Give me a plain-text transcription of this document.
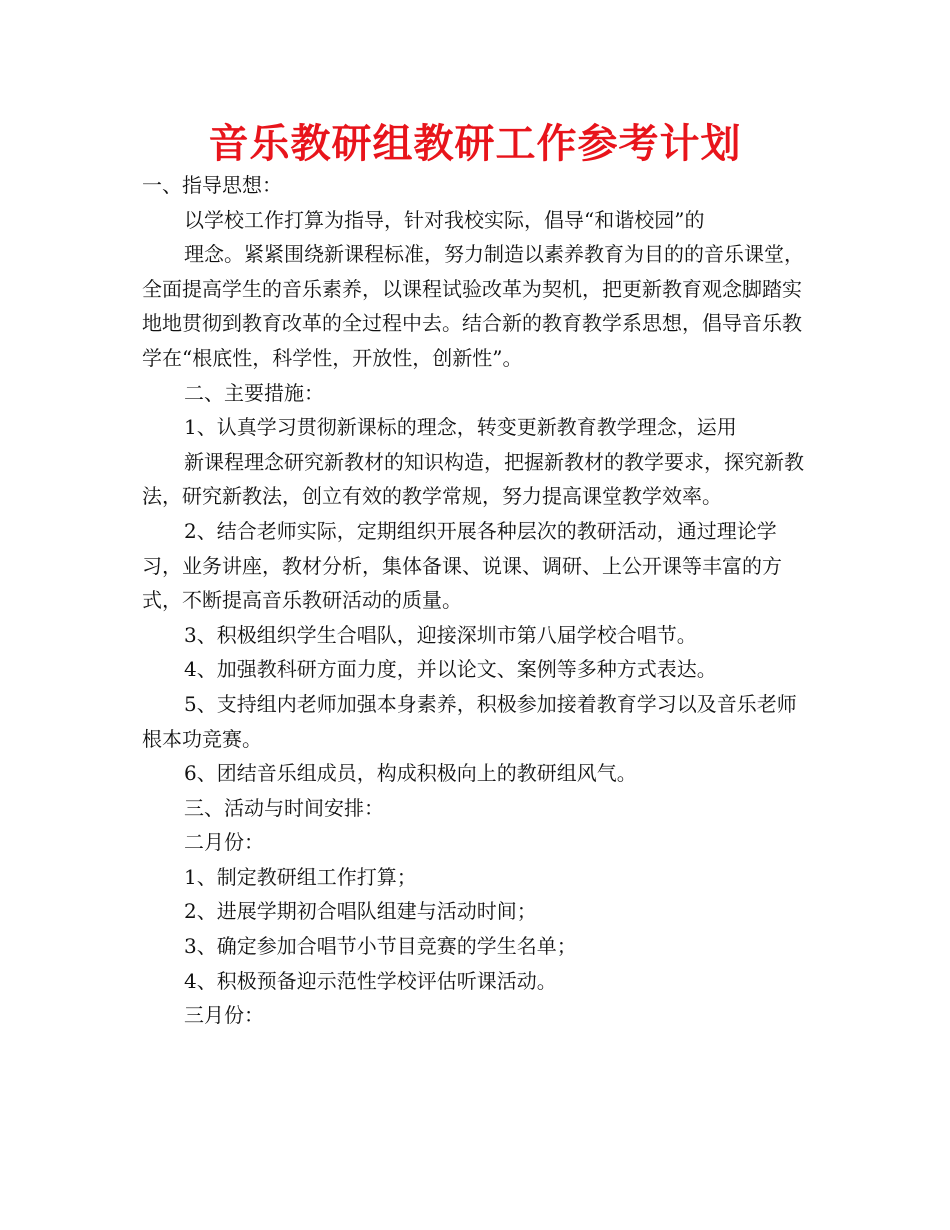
音乐教研组教研工作参考计划

一、指导思想：

以学校工作打算为指导，针对我校实际，倡导“和谐校园”的

理念。紧紧围绕新课程标准，努力制造以素养教育为目的的音乐课堂，全面提高学生的音乐素养，以课程试验改革为契机，把更新教育观念脚踏实地地贯彻到教育改革的全过程中去。结合新的教育教学系思想，倡导音乐教学在“根底性，科学性，开放性，创新性”。

二、主要措施：

1、认真学习贯彻新课标的理念，转变更新教育教学理念，运用

新课程理念研究新教材的知识构造，把握新教材的教学要求，探究新教法，研究新教法，创立有效的教学常规，努力提高课堂教学效率。

2、结合老师实际，定期组织开展各种层次的教研活动，通过理论学习，业务讲座，教材分析，集体备课、说课、调研、上公开课等丰富的方式，不断提高音乐教研活动的质量。

3、积极组织学生合唱队，迎接深圳市第八届学校合唱节。

4、加强教科研方面力度，并以论文、案例等多种方式表达。

5、支持组内老师加强本身素养，积极参加接着教育学习以及音乐老师根本功竞赛。

6、团结音乐组成员，构成积极向上的教研组风气。

三、活动与时间安排：

二月份：

1、制定教研组工作打算；

2、进展学期初合唱队组建与活动时间；

3、确定参加合唱节小节目竞赛的学生名单；

4、积极预备迎示范性学校评估听课活动。

三月份：
